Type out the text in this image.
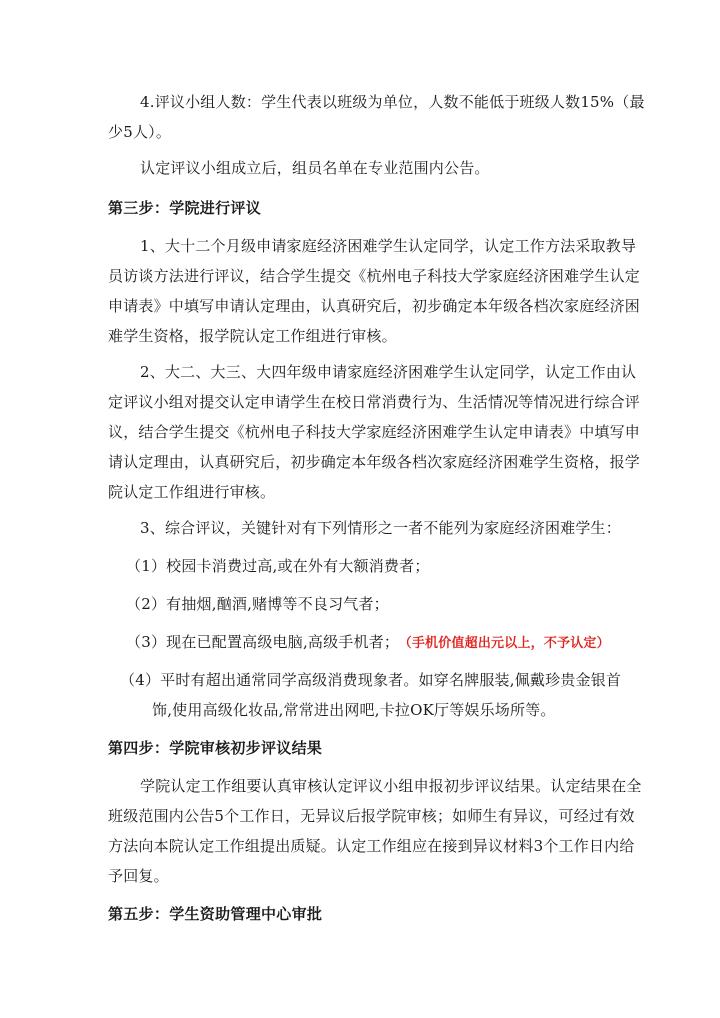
4.评议小组人数：学生代表以班级为单位，人数不能低于班级人数15%（最
少5人）。
认定评议小组成立后，组员名单在专业范围内公告。
第三步：学院进行评议
1、大十二个月级申请家庭经济困难学生认定同学，认定工作方法采取教导
员访谈方法进行评议，结合学生提交《杭州电子科技大学家庭经济困难学生认定
申请表》中填写申请认定理由，认真研究后，初步确定本年级各档次家庭经济困
难学生资格，报学院认定工作组进行审核。
2、大二、大三、大四年级申请家庭经济困难学生认定同学，认定工作由认
定评议小组对提交认定申请学生在校日常消费行为、生活情况等情况进行综合评
议，结合学生提交《杭州电子科技大学家庭经济困难学生认定申请表》中填写申
请认定理由，认真研究后，初步确定本年级各档次家庭经济困难学生资格，报学
院认定工作组进行审核。
3、综合评议，关键针对有下列情形之一者不能列为家庭经济困难学生：
（1）校园卡消费过高,或在外有大额消费者；
（2）有抽烟,酗酒,赌博等不良习气者；
（3）现在已配置高级电脑,高级手机者； （手机价值超出元以上，不予认定）
（4）平时有超出通常同学高级消费现象者。如穿名牌服装,佩戴珍贵金银首
饰,使用高级化妆品,常常进出网吧,卡拉OK厅等娱乐场所等。
第四步：学院审核初步评议结果
学院认定工作组要认真审核认定评议小组申报初步评议结果。认定结果在全
班级范围内公告5个工作日，无异议后报学院审核；如师生有异议，可经过有效
方法向本院认定工作组提出质疑。认定工作组应在接到异议材料3个工作日内给
予回复。
第五步：学生资助管理中心审批
